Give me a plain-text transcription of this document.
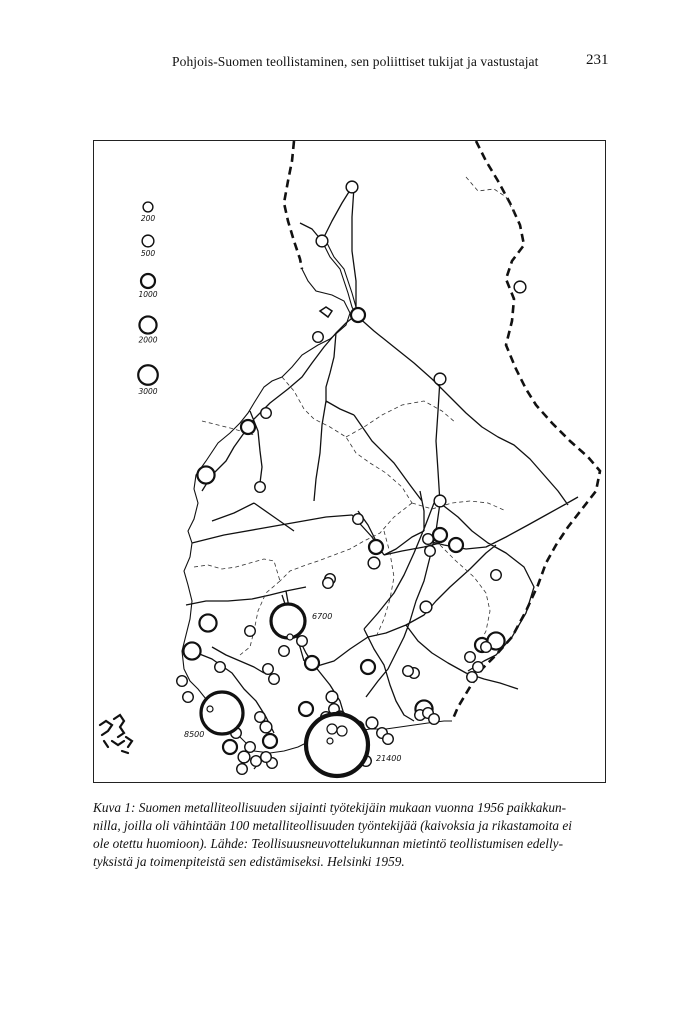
Pohjois-Suomen teollistaminen, sen poliittiset tukijat ja vastustajat	231
200
500
1000
2000
3000
6700
8500
21400
Kuva 1: Suomen metalliteollisuuden sijainti työtekijäin mukaan vuonna 1956 paikkakun-
nilla, joilla oli vähintään 100 metalliteollisuuden työntekijää (kaivoksia ja rikastamoita ei
ole otettu huomioon). Lähde: Teollisuusneuvottelukunnan mietintö teollistumisen edelly-
tyksistä ja toimenpiteistä sen edistämiseksi. Helsinki 1959.
